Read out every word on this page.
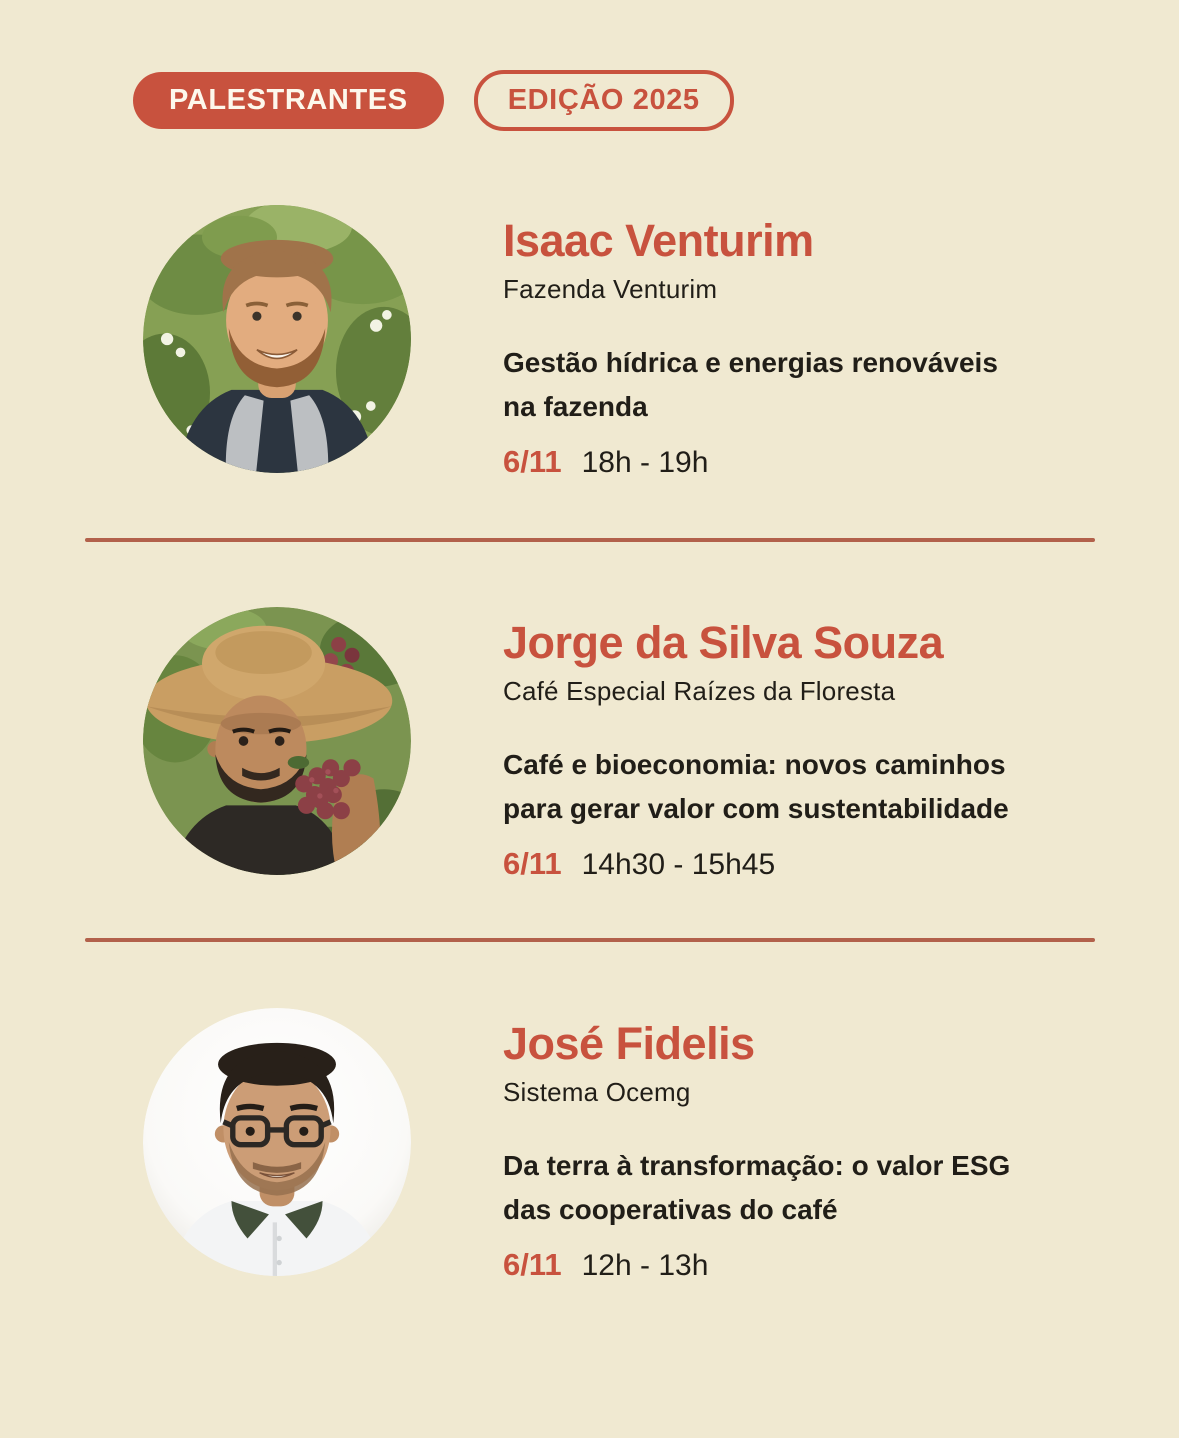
PALESTRANTES	EDIÇÃO 2025
Isaac Venturim
Fazenda Venturim
Gestão hídrica e energias renováveis
na fazenda
6/11 18h - 19h
Jorge da Silva Souza
Café Especial Raízes da Floresta
Café e bioeconomia: novos caminhos
para gerar valor com sustentabilidade
6/11 14h30 - 15h45
José Fidelis
Sistema Ocemg
Da terra à transformação: o valor ESG
das cooperativas do café
6/11 12h - 13h
